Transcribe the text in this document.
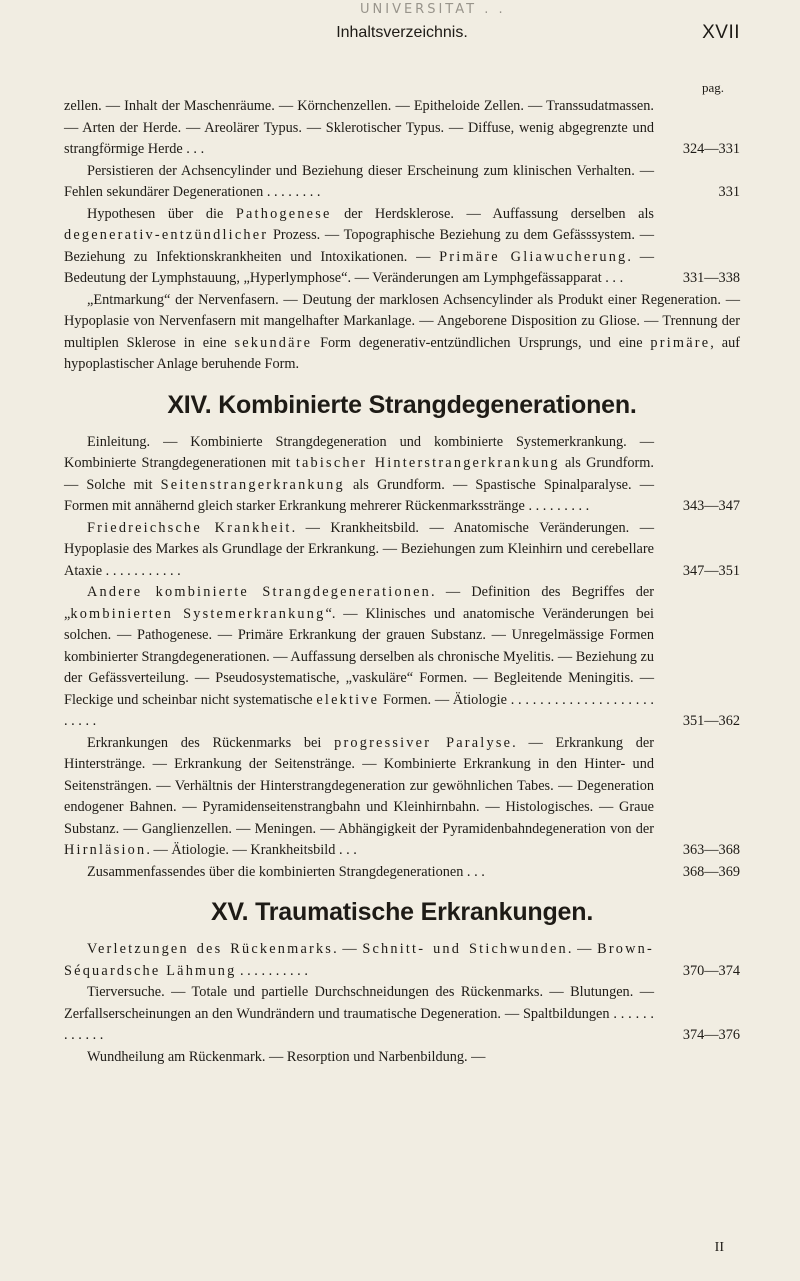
UNIVERSITAT . .
Inhaltsverzeichnis.	XVII
pag.

zellen. — Inhalt der Maschenräume. — Körnchenzellen. — Epitheloide Zellen. — Transsudatmassen. — Arten der Herde. — Areolärer Typus. — Sklerotischer Typus. — Diffuse, wenig abgegrenzte und strangförmige Herde . . .	324—331

Persistieren der Achsencylinder und Beziehung dieser Erscheinung zum klinischen Verhalten. — Fehlen sekundärer Degenerationen . . . . . . . .	331

Hypothesen über die Pathogenese der Herdsklerose. — Auffassung derselben als degenerativ-entzündlicher Prozess. — Topographische Beziehung zu dem Gefässsystem. — Beziehung zu Infektionskrankheiten und Intoxikationen. — Primäre Gliawucherung. — Bedeutung der Lymphstauung, „Hyperlymphose“. — Veränderungen am Lymphgefässapparat . . .	331—338

„Entmarkung“ der Nervenfasern. — Deutung der marklosen Achsencylinder als Produkt einer Regeneration. — Hypoplasie von Nervenfasern mit mangelhafter Markanlage. — Angeborene Disposition zu Gliose. — Trennung der multiplen Sklerose in eine sekundäre Form degenerativ-entzündlichen Ursprungs, und eine primäre, auf hypoplastischer Anlage beruhende Form.

XIV. Kombinierte Strangdegenerationen.

Einleitung. — Kombinierte Strangdegeneration und kombinierte Systemerkrankung. — Kombinierte Strangdegenerationen mit tabischer Hinterstrangerkrankung als Grundform. — Solche mit Seitenstrangerkrankung als Grundform. — Spastische Spinalparalyse. — Formen mit annähernd gleich starker Erkrankung mehrerer Rückenmarksstränge . . . . . . . . .	343—347

Friedreichsche Krankheit. — Krankheitsbild. — Anatomische Veränderungen. — Hypoplasie des Markes als Grundlage der Erkrankung. — Beziehungen zum Kleinhirn und cerebellare Ataxie . . . . . . . . . . .	347—351

Andere kombinierte Strangdegenerationen. — Definition des Begriffes der „kombinierten Systemerkrankung“. — Klinisches und anatomische Veränderungen bei solchen. — Pathogenese. — Primäre Erkrankung der grauen Substanz. — Unregelmässige Formen kombinierter Strangdegenerationen. — Auffassung derselben als chronische Myelitis. — Beziehung zu der Gefässverteilung. — Pseudosystematische, „vaskuläre“ Formen. — Begleitende Meningitis. — Fleckige und scheinbar nicht systematische elektive Formen. — Ätiologie . . . . . . . . . . . . . . . . . . . . . . . . .	351—362

Erkrankungen des Rückenmarks bei progressiver Paralyse. — Erkrankung der Hinterstränge. — Erkrankung der Seitenstränge. — Kombinierte Erkrankung in den Hinter- und Seitensträngen. — Verhältnis der Hinterstrangdegeneration zur gewöhnlichen Tabes. — Degeneration endogener Bahnen. — Pyramidenseitenstrangbahn und Kleinhirnbahn. — Histologisches. — Graue Substanz. — Ganglienzellen. — Meningen. — Abhängigkeit der Pyramidenbahndegeneration von der Hirnläsion. — Ätiologie. — Krankheitsbild . . .	363—368

Zusammenfassendes über die kombinierten Strangdegenerationen . . .	368—369

XV. Traumatische Erkrankungen.

Verletzungen des Rückenmarks. — Schnitt- und Stichwunden. — Brown-Séquardsche Lähmung . . . . . . . . . .	370—374

Tierversuche. — Totale und partielle Durchschneidungen des Rückenmarks. — Blutungen. — Zerfallserscheinungen an den Wundrändern und traumatische Degeneration. — Spaltbildungen . . . . . . . . . . . .	374—376

Wundheilung am Rückenmark. — Resorption und Narbenbildung. —

II
